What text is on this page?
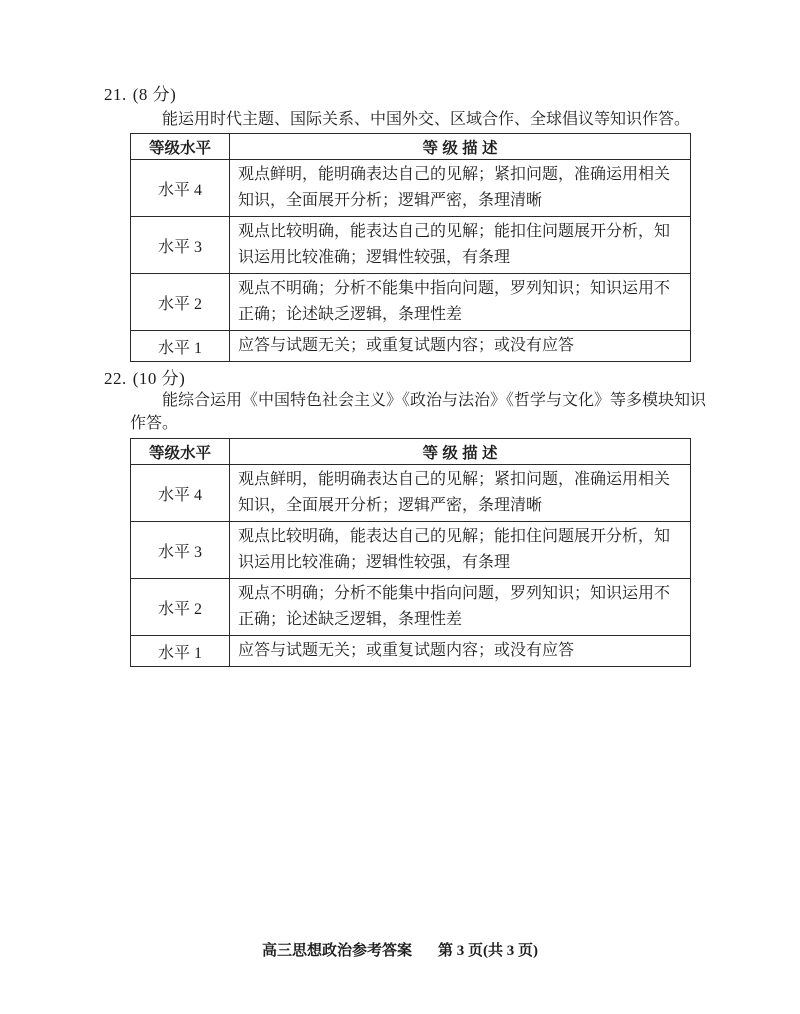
21. (8 分)
能运用时代主题、国际关系、中国外交、区域合作、全球倡议等知识作答。
等级水平	等 级 描 述
水平 4	观点鲜明，能明确表达自己的见解；紧扣问题，准确运用相关知识，全面展开分析；逻辑严密，条理清晰
水平 3	观点比较明确，能表达自己的见解；能扣住问题展开分析，知识运用比较准确；逻辑性较强，有条理
水平 2	观点不明确；分析不能集中指向问题，罗列知识；知识运用不正确；论述缺乏逻辑，条理性差
水平 1	应答与试题无关；或重复试题内容；或没有应答
22. (10 分)
能综合运用《中国特色社会主义》《政治与法治》《哲学与文化》等多模块知识
作答。
等级水平	等 级 描 述
水平 4	观点鲜明，能明确表达自己的见解；紧扣问题，准确运用相关知识，全面展开分析；逻辑严密，条理清晰
水平 3	观点比较明确，能表达自己的见解；能扣住问题展开分析，知识运用比较准确；逻辑性较强，有条理
水平 2	观点不明确；分析不能集中指向问题，罗列知识；知识运用不正确；论述缺乏逻辑，条理性差
水平 1	应答与试题无关；或重复试题内容；或没有应答
高三思想政治参考答案 第 3 页(共 3 页)
